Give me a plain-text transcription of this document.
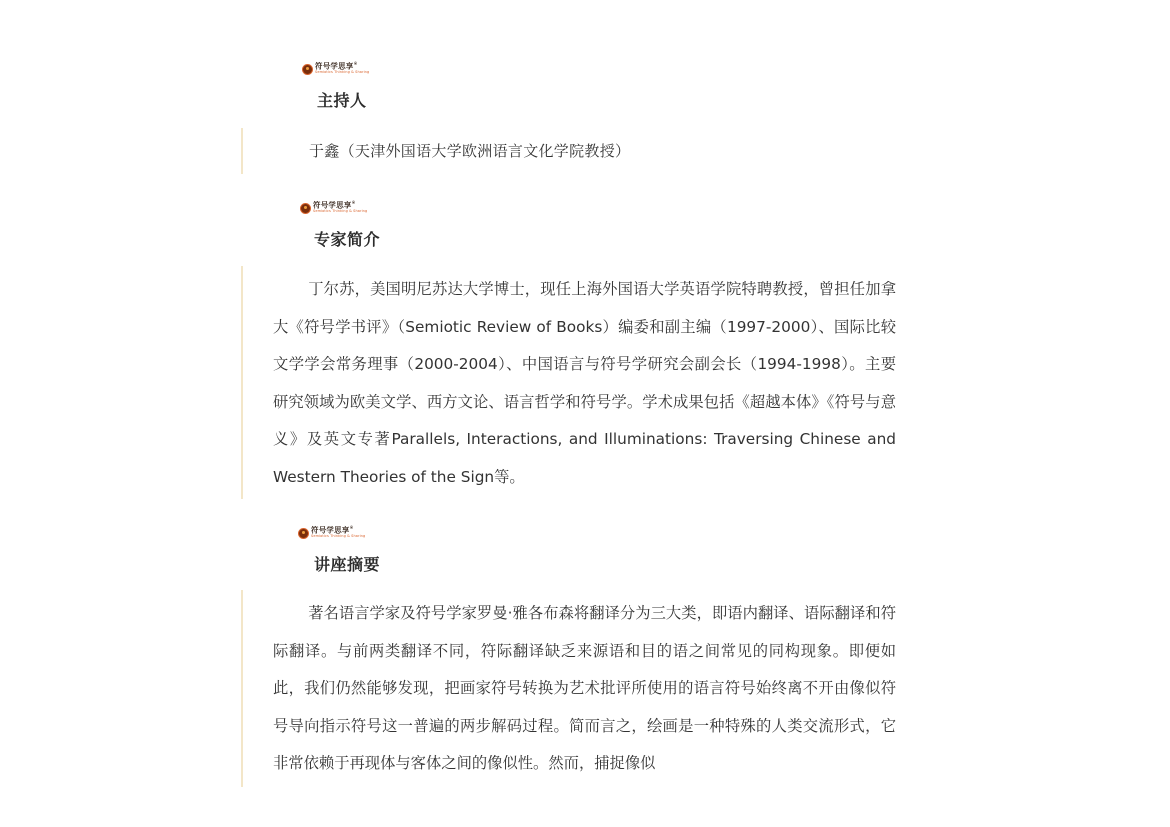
符号学思享®
Semiotics Thinking & Sharing
主持人
于鑫（天津外国语大学欧洲语言文化学院教授）
符号学思享®
Semiotics Thinking & Sharing
专家简介

丁尔苏，美国明尼苏达大学博士，现任上海外国语大学英语学院特聘教授，曾担任加拿大《符号学书评》（Semiotic Review of Books）编委和副主编（1997-2000）、国际比较文学学会常务理事（2000-2004）、中国语言与符号学研究会副会长（1994-1998）。主要研究领域为欧美文学、西方文论、语言哲学和符号学。学术成果包括《超越本体》《符号与意义》及英文专著Parallels, Interactions, and Illuminations: Traversing Chinese and Western Theories of the Sign等。

符号学思享®
Semiotics Thinking & Sharing
讲座摘要

著名语言学家及符号学家罗曼·雅各布森将翻译分为三大类，即语内翻译、语际翻译和符际翻译。与前两类翻译不同，符际翻译缺乏来源语和目的语之间常见的同构现象。即便如此，我们仍然能够发现，把画家符号转换为艺术批评所使用的语言符号始终离不开由像似符号导向指示符号这一普遍的两步解码过程。简而言之，绘画是一种特殊的人类交流形式，它非常依赖于再现体与客体之间的像似性。然而，捕捉像似
